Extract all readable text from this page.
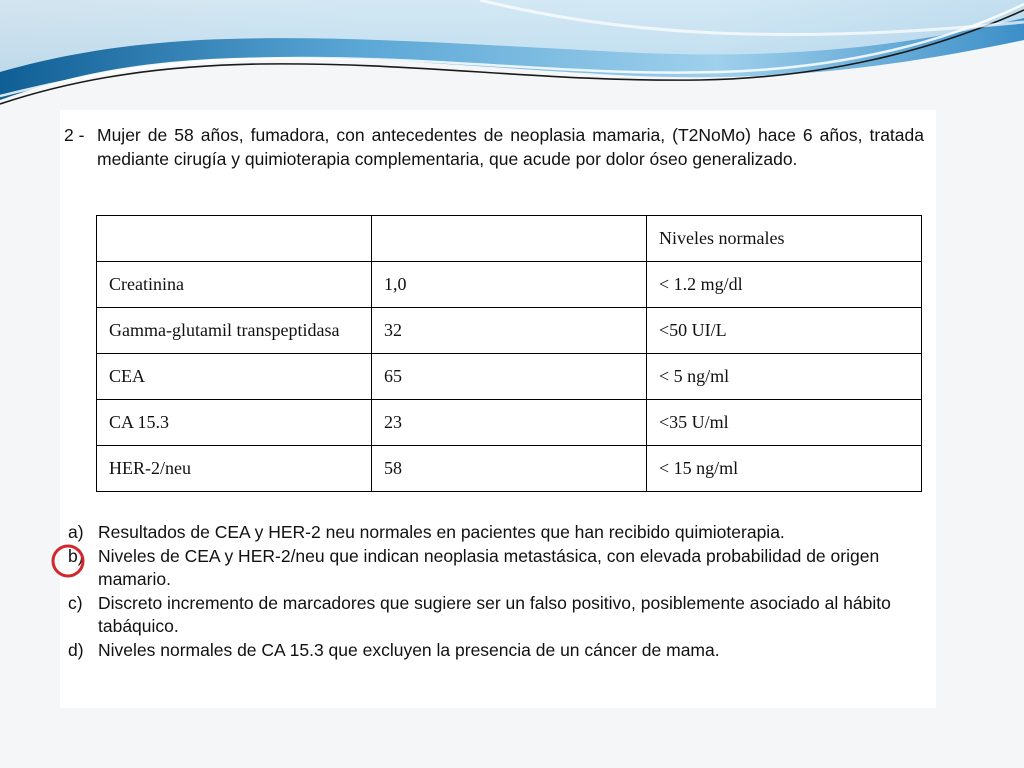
2 - Mujer de 58 años, fumadora, con antecedentes de neoplasia mamaria, (T2NoMo) hace 6 años, tratada mediante cirugía y quimioterapia complementaria, que acude por dolor óseo generalizado.
		Niveles normales
Creatinina	1,0	< 1.2 mg/dl
Gamma-glutamil transpeptidasa	32	<50 UI/L
CEA	65	< 5 ng/ml
CA 15.3	23	<35 U/ml
HER-2/neu	58	< 15 ng/ml
a) Resultados de CEA y HER-2 neu normales en pacientes que han recibido quimioterapia.
b) Niveles de CEA y HER-2/neu que indican neoplasia metastásica, con elevada probabilidad de origen mamario.
c) Discreto incremento de marcadores que sugiere ser un falso positivo, posiblemente asociado al hábito tabáquico.
d) Niveles normales de CA 15.3 que excluyen la presencia de un cáncer de mama.
